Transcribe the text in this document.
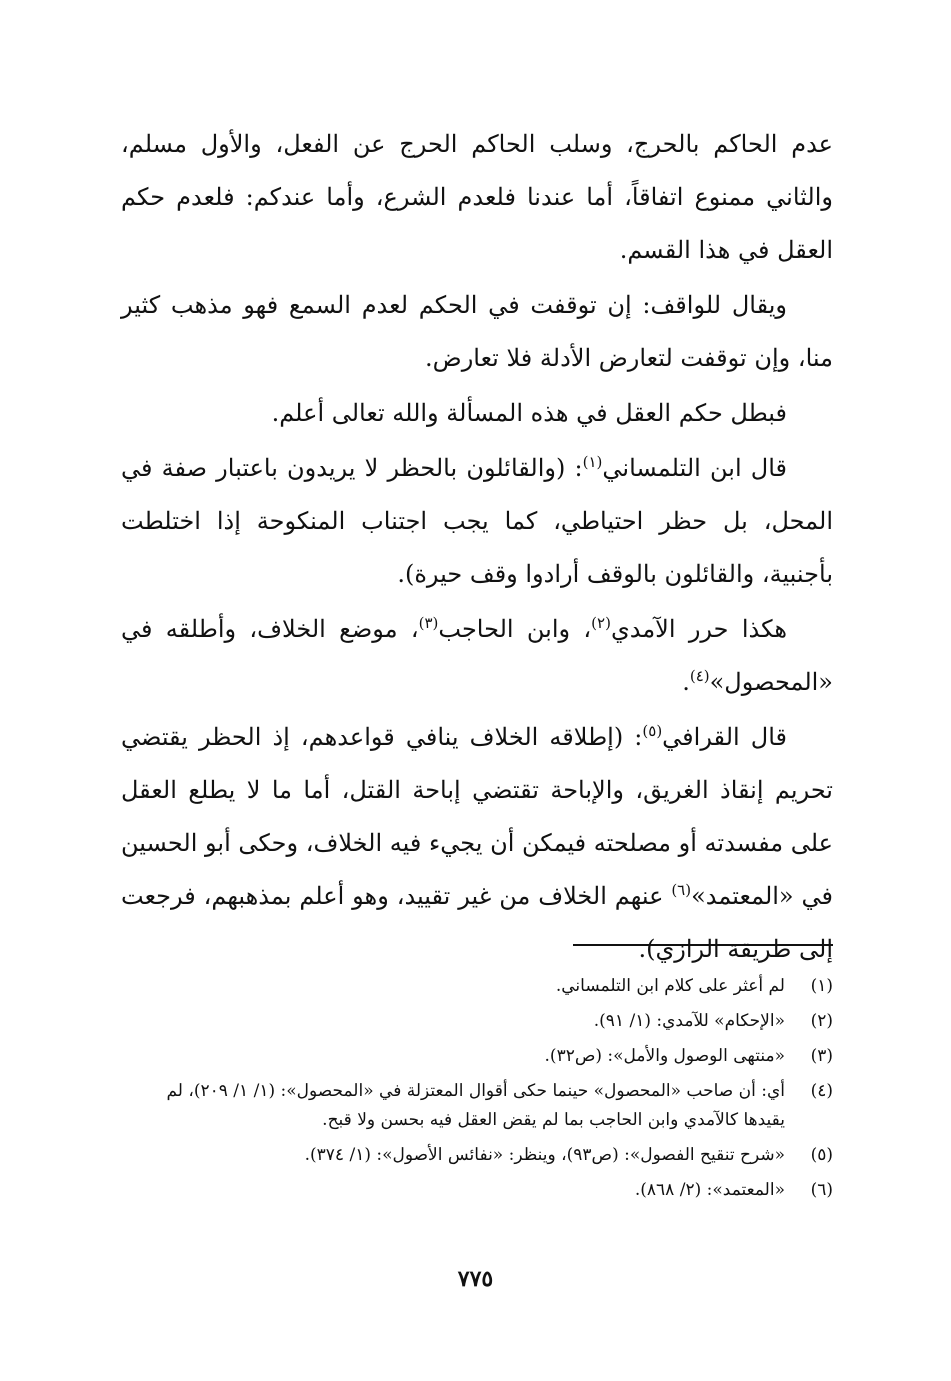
عدم الحاكم بالحرج، وسلب الحاكم الحرج عن الفعل، والأول مسلم، والثاني ممنوع اتفاقاً، أما عندنا فلعدم الشرع، وأما عندكم: فلعدم حكم العقل في هذا القسم.

ويقال للواقف: إن توقفت في الحكم لعدم السمع فهو مذهب كثير منا، وإن توقفت لتعارض الأدلة فلا تعارض.

فبطل حكم العقل في هذه المسألة والله تعالى أعلم.

قال ابن التلمساني$^{(١)}$: (والقائلون بالحظر لا يريدون باعتبار صفة في المحل، بل حظر احتياطي، كما يجب اجتناب المنكوحة إذا اختلطت بأجنبية، والقائلون بالوقف أرادوا وقف حيرة).

هكذا حرر الآمدي$^{(٢)}$، وابن الحاجب$^{(٣)}$، موضع الخلاف، وأطلقه في «المحصول»$^{(٤)}$.

قال القرافي$^{(٥)}$: (إطلاقه الخلاف ينافي قواعدهم، إذ الحظر يقتضي تحريم إنقاذ الغريق، والإباحة تقتضي إباحة القتل، أما ما لا يطلع العقل على مفسدته أو مصلحته فيمكن أن يجيء فيه الخلاف، وحكى أبو الحسين في «المعتمد»$^{(٦)}$ عنهم الخلاف من غير تقييد، وهو أعلم بمذهبهم، فرجعت إلى طريقة الرازي).

(١)
لم أعثر على كلام ابن التلمساني.
(٢)
«الإحكام» للآمدي: (١/ ٩١).
(٣)
«منتهى الوصول والأمل»: (ص٣٢).
(٤)
أي: أن صاحب «المحصول» حينما حكى أقوال المعتزلة في «المحصول»: (١/ ١/ ٢٠٩)، لم يقيدها كالآمدي وابن الحاجب بما لم يقض العقل فيه بحسن ولا قبح.
(٥)
«شرح تنقيح الفصول»: (ص٩٣)، وينظر: «نفائس الأصول»: (١/ ٣٧٤).
(٦)
«المعتمد»: (٢/ ٨٦٨).
٧٧٥
